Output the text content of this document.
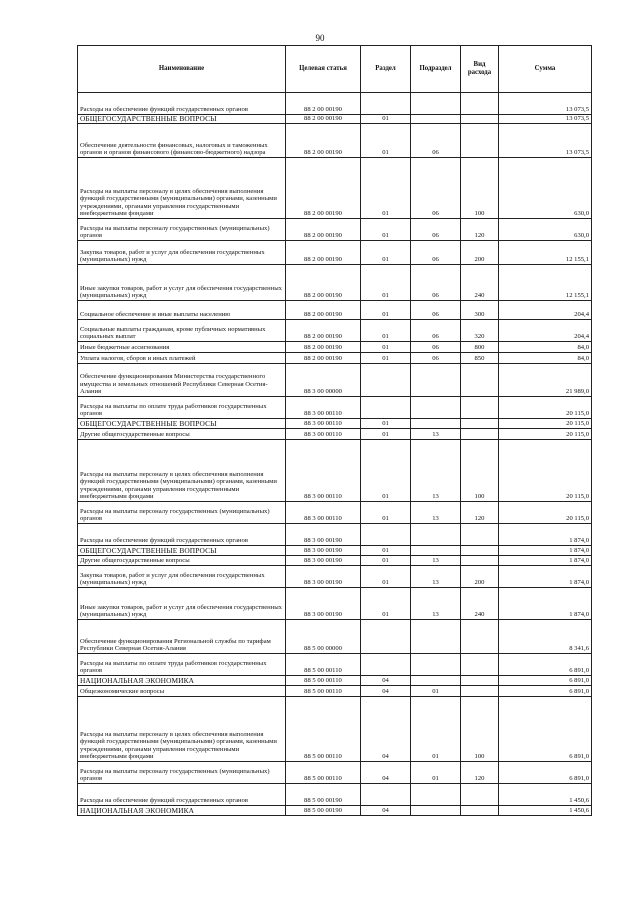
90
Наименование	Целевая статья	Раздел	Подраздел	Вид расхода	Сумма
Расходы на обеспечение функций государственных органов	88 2 00 00190				13 073,5
ОБЩЕГОСУДАРСТВЕННЫЕ ВОПРОСЫ	88 2 00 00190	01			13 073,5
Обеспечение деятельности финансовых, налоговых и таможенных органов и органов финансового (финансово-бюджетного) надзора	88 2 00 00190	01	06		13 073,5
Расходы на выплаты персоналу в целях обеспечения выполнения функций государственными (муниципальными) органами, казенными учреждениями, органами управления государственными внебюджетными фондами	88 2 00 00190	01	06	100	630,0
Расходы на выплаты персоналу государственных (муниципальных) органов	88 2 00 00190	01	06	120	630,0
Закупка товаров, работ и услуг для обеспечения государственных (муниципальных) нужд	88 2 00 00190	01	06	200	12 155,1
Иные закупки товаров, работ и услуг для обеспечения государственных (муниципальных) нужд	88 2 00 00190	01	06	240	12 155,1
Социальное обеспечение и иные выплаты населению	88 2 00 00190	01	06	300	204,4
Социальные выплаты гражданам, кроме публичных нормативных социальных выплат	88 2 00 00190	01	06	320	204,4
Иные бюджетные ассигнования	88 2 00 00190	01	06	800	84,0
Уплата налогов, сборов и иных платежей	88 2 00 00190	01	06	850	84,0
Обеспечение функционирования Министерства государственного имущества и земельных отношений Республики Северная Осетия-Алания	88 3 00 00000				21 989,0
Расходы на выплаты по оплате труда работников государственных органов	88 3 00 00110				20 115,0
ОБЩЕГОСУДАРСТВЕННЫЕ ВОПРОСЫ	88 3 00 00110	01			20 115,0
Другие общегосударственные вопросы	88 3 00 00110	01	13		20 115,0
Расходы на выплаты персоналу в целях обеспечения выполнения функций государственными (муниципальными) органами, казенными учреждениями, органами управления государственными внебюджетными фондами	88 3 00 00110	01	13	100	20 115,0
Расходы на выплаты персоналу государственных (муниципальных) органов	88 3 00 00110	01	13	120	20 115,0
Расходы на обеспечение функций государственных органов	88 3 00 00190				1 874,0
ОБЩЕГОСУДАРСТВЕННЫЕ ВОПРОСЫ	88 3 00 00190	01			1 874,0
Другие общегосударственные вопросы	88 3 00 00190	01	13		1 874,0
Закупка товаров, работ и услуг для обеспечения государственных (муниципальных) нужд	88 3 00 00190	01	13	200	1 874,0
Иные закупки товаров, работ и услуг для обеспечения государственных (муниципальных) нужд	88 3 00 00190	01	13	240	1 874,0
Обеспечение функционирования Региональной службы по тарифам Республики Северная Осетия-Алания	88 5 00 00000				8 341,6
Расходы на выплаты по оплате труда работников государственных органов	88 5 00 00110				6 891,0
НАЦИОНАЛЬНАЯ ЭКОНОМИКА	88 5 00 00110	04			6 891,0
Общеэкономические вопросы	88 5 00 00110	04	01		6 891,0
Расходы на выплаты персоналу в целях обеспечения выполнения функций государственными (муниципальными) органами, казенными учреждениями, органами управления государственными внебюджетными фондами	88 5 00 00110	04	01	100	6 891,0
Расходы на выплаты персоналу государственных (муниципальных) органов	88 5 00 00110	04	01	120	6 891,0
Расходы на обеспечение функций государственных органов	88 5 00 00190				1 450,6
НАЦИОНАЛЬНАЯ ЭКОНОМИКА	88 5 00 00190	04			1 450,6
